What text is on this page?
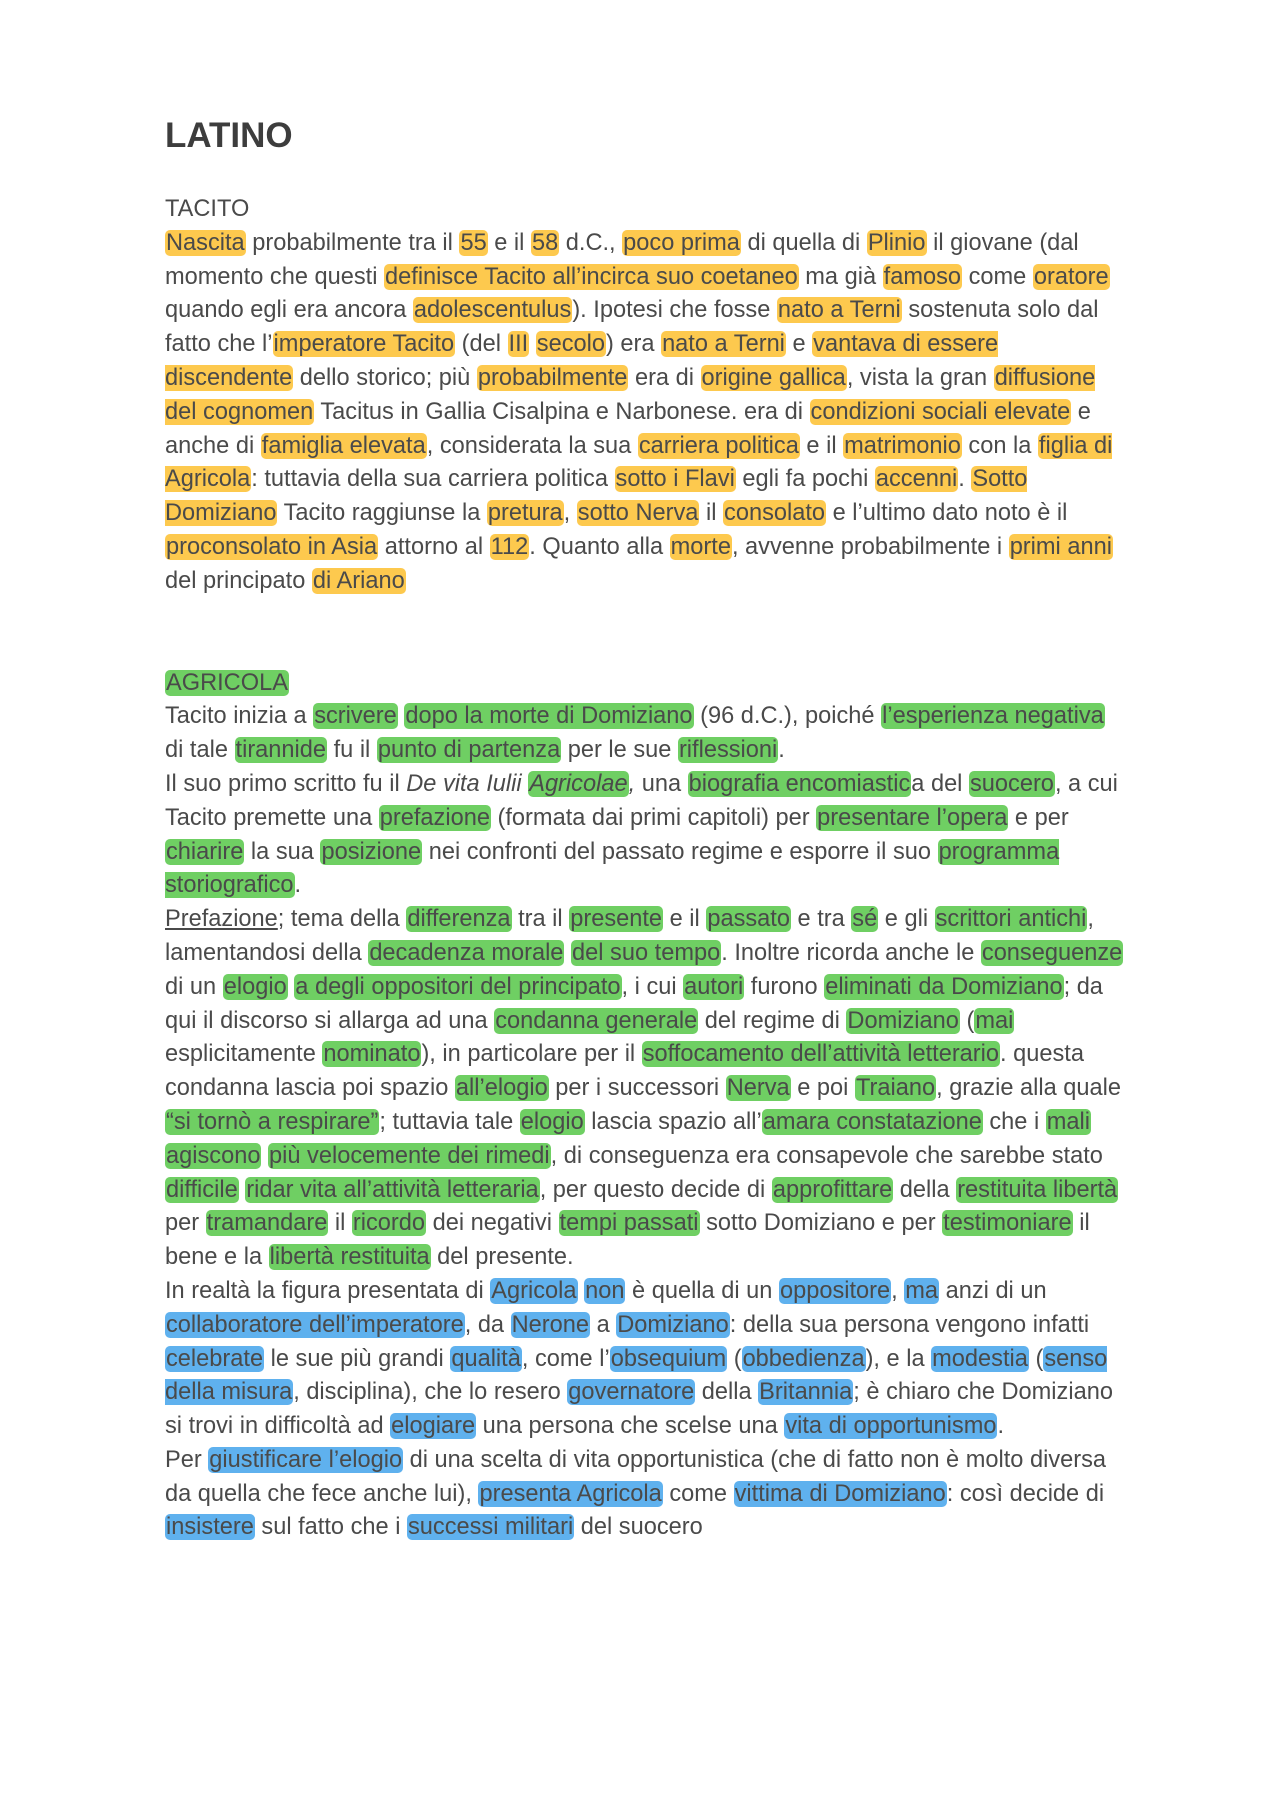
LATINO
TACITO

Nascita probabilmente tra il 55 e il 58 d.C., poco prima di quella di Plinio il giovane (dal momento che questi definisce Tacito all’incirca suo coetaneo ma già famoso come oratore quando egli era ancora adolescentulus). Ipotesi che fosse nato a Terni sostenuta solo dal fatto che l’imperatore Tacito (del III secolo) era nato a Terni e vantava di essere discendente dello storico; più probabilmente era di origine gallica, vista la gran diffusione del cognomen Tacitus in Gallia Cisalpina e Narbonese. era di condizioni sociali elevate e anche di famiglia elevata, considerata la sua carriera politica e il matrimonio con la figlia di Agricola: tuttavia della sua carriera politica sotto i Flavi egli fa pochi accenni. Sotto Domiziano Tacito raggiunse la pretura, sotto Nerva il consolato e l’ultimo dato noto è il proconsolato in Asia attorno al 112. Quanto alla morte, avvenne probabilmente i primi anni del principato di Ariano

AGRICOLA

Tacito inizia a scrivere dopo la morte di Domiziano (96 d.C.), poiché l’esperienza negativa di tale tirannide fu il punto di partenza per le sue riflessioni.
Il suo primo scritto fu il De vita Iulii Agricolae, una biografia encomiastica del suocero, a cui Tacito premette una prefazione (formata dai primi capitoli) per presentare l’opera e per chiarire la sua posizione nei confronti del passato regime e esporre il suo programma storiografico.
Prefazione; tema della differenza tra il presente e il passato e tra sé e gli scrittori antichi, lamentandosi della decadenza morale del suo tempo. Inoltre ricorda anche le conseguenze di un elogio a degli oppositori del principato, i cui autori furono eliminati da Domiziano; da qui il discorso si allarga ad una condanna generale del regime di Domiziano (mai esplicitamente nominato), in particolare per il soffocamento dell’attività letterario. questa condanna lascia poi spazio all’elogio per i successori Nerva e poi Traiano, grazie alla quale “si tornò a respirare”; tuttavia tale elogio lascia spazio all’amara constatazione che i mali agiscono più velocemente dei rimedi, di conseguenza era consapevole che sarebbe stato difficile ridar vita all’attività letteraria, per questo decide di approfittare della restituita libertà per tramandare il ricordo dei negativi tempi passati sotto Domiziano e per testimoniare il bene e la libertà restituita del presente.
In realtà la figura presentata di Agricola non è quella di un oppositore, ma anzi di un collaboratore dell’imperatore, da Nerone a Domiziano: della sua persona vengono infatti celebrate le sue più grandi qualità, come l’obsequium (obbedienza), e la modestia (senso della misura, disciplina), che lo resero governatore della Britannia; è chiaro che Domiziano si trovi in difficoltà ad elogiare una persona che scelse una vita di opportunismo.
Per giustificare l’elogio di una scelta di vita opportunistica (che di fatto non è molto diversa da quella che fece anche lui), presenta Agricola come vittima di Domiziano: così decide di insistere sul fatto che i successi militari del suocero
